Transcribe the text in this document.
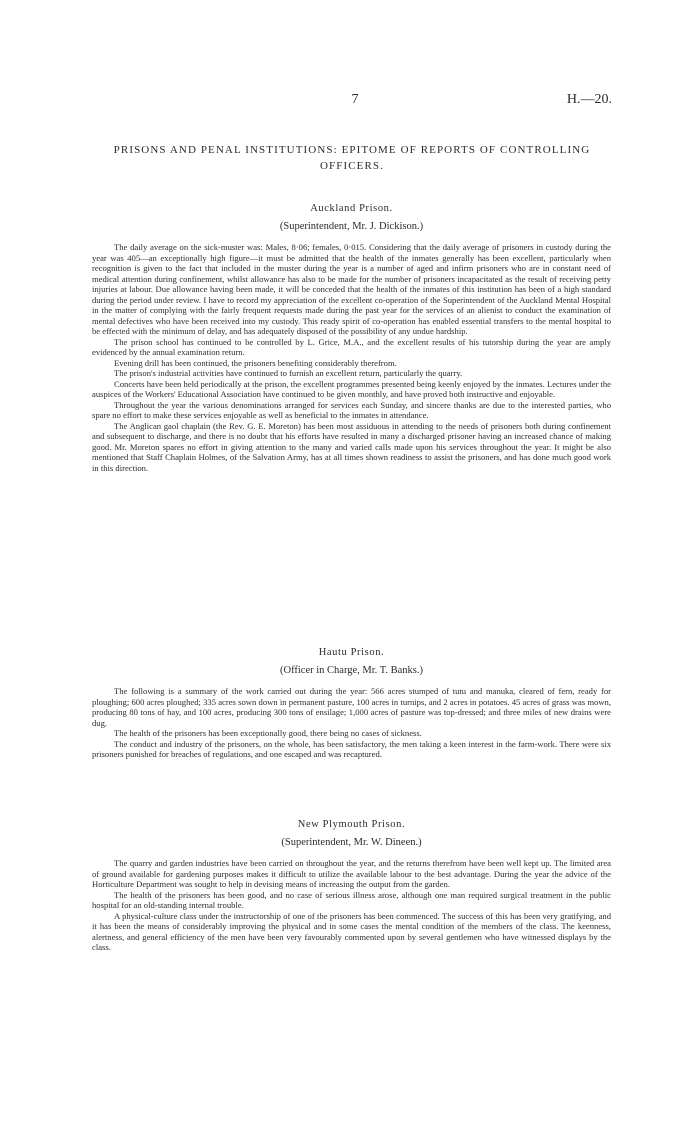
7	H.—20.
PRISONS AND PENAL INSTITUTIONS: EPITOME OF REPORTS OF CONTROLLING OFFICERS.
Auckland Prison.
(Superintendent, Mr. J. Dickison.)

The daily average on the sick-muster was: Males, 8·06; females, 0·015. Considering that the daily average of prisoners in custody during the year was 405—an exceptionally high figure—it must be admitted that the health of the inmates generally has been excellent, particularly when recognition is given to the fact that included in the muster during the year is a number of aged and infirm prisoners who are in constant need of medical attention during confinement, whilst allowance has also to be made for the number of prisoners incapacitated as the result of receiving petty injuries at labour. Due allowance having been made, it will be conceded that the health of the inmates of this institution has been of a high standard during the period under review. I have to record my appreciation of the excellent co-operation of the Superintendent of the Auckland Mental Hospital in the matter of complying with the fairly frequent requests made during the past year for the services of an alienist to conduct the examination of mental defectives who have been received into my custody. This ready spirit of co-operation has enabled essential transfers to the mental hospital to be effected with the minimum of delay, and has adequately disposed of the possibility of any undue hardship.

The prison school has continued to be controlled by L. Grice, M.A., and the excellent results of his tutorship during the year are amply evidenced by the annual examination return.

Evening drill has been continued, the prisoners benefiting considerably therefrom.

The prison's industrial activities have continued to furnish an excellent return, particularly the quarry.

Concerts have been held periodically at the prison, the excellent programmes presented being keenly enjoyed by the inmates. Lectures under the auspices of the Workers' Educational Association have continued to be given monthly, and have proved both instructive and enjoyable.

Throughout the year the various denominations arranged for services each Sunday, and sincere thanks are due to the interested parties, who spare no effort to make these services enjoyable as well as beneficial to the inmates in attendance.

The Anglican gaol chaplain (the Rev. G. E. Moreton) has been most assiduous in attending to the needs of prisoners both during confinement and subsequent to discharge, and there is no doubt that his efforts have resulted in many a discharged prisoner having an increased chance of making good. Mr. Moreton spares no effort in giving attention to the many and varied calls made upon his services throughout the year. It might be also mentioned that Staff Chaplain Holmes, of the Salvation Army, has at all times shown readiness to assist the prisoners, and has done much good work in this direction.

Hautu Prison.
(Officer in Charge, Mr. T. Banks.)

The following is a summary of the work carried out during the year: 566 acres stumped of tutu and manuka, cleared of fern, ready for ploughing; 600 acres ploughed; 335 acres sown down in permanent pasture, 100 acres in turnips, and 2 acres in potatoes. 45 acres of grass was mown, producing 80 tons of hay, and 100 acres, producing 300 tons of ensilage; 1,000 acres of pasture was top-dressed; and three miles of new drains were dug.

The health of the prisoners has been exceptionally good, there being no cases of sickness.

The conduct and industry of the prisoners, on the whole, has been satisfactory, the men taking a keen interest in the farm-work. There were six prisoners punished for breaches of regulations, and one escaped and was recaptured.

New Plymouth Prison.
(Superintendent, Mr. W. Dineen.)

The quarry and garden industries have been carried on throughout the year, and the returns therefrom have been well kept up. The limited area of ground available for gardening purposes makes it difficult to utilize the available labour to the best advantage. During the year the advice of the Horticulture Department was sought to help in devising means of increasing the output from the garden.

The health of the prisoners has been good, and no case of serious illness arose, although one man required surgical treatment in the public hospital for an old-standing internal trouble.

A physical-culture class under the instructorship of one of the prisoners has been commenced. The success of this has been very gratifying, and it has been the means of considerably improving the physical and in some cases the mental condition of the members of the class. The keenness, alertness, and general efficiency of the men have been very favourably commented upon by several gentlemen who have witnessed displays by the class.
